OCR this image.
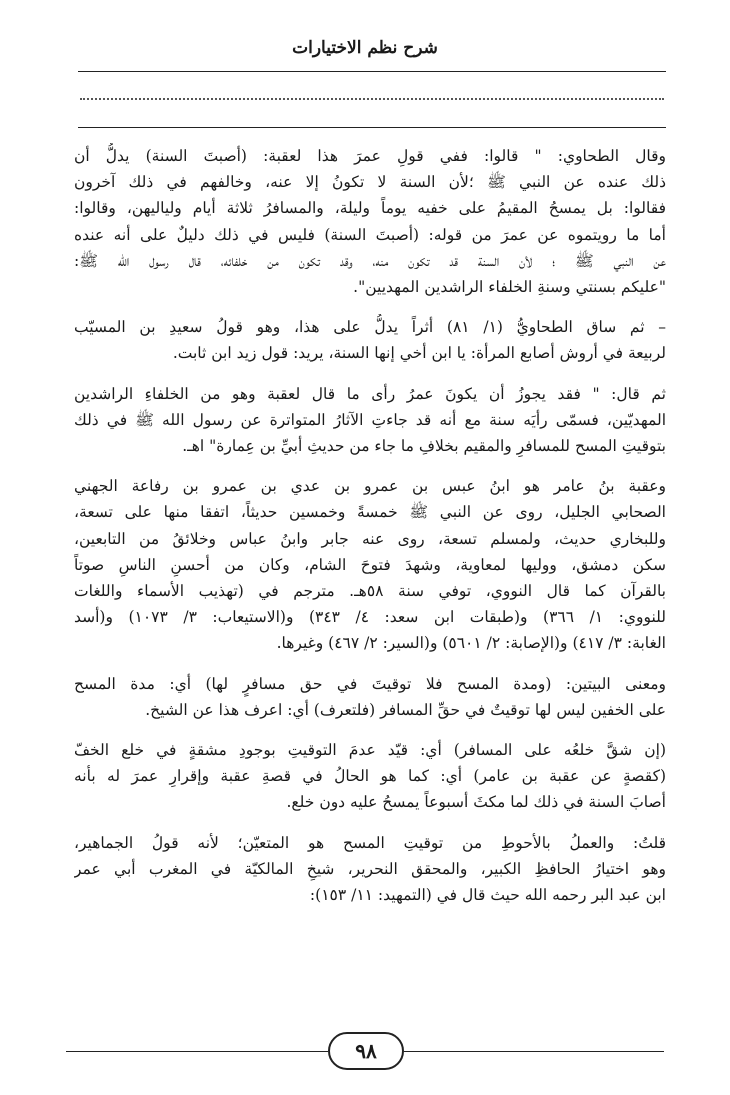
شرح نظم الاختيارات
وقال الطحاوي: " قالوا: ففي قولِ عمرَ هذا لعقبة: (أصبتَ السنة) يدلُّ أن
ذلك عنده عن النبي ﷺ ؛لأن السنة لا تكونُ إلا عنه، وخالفهم في ذلك آخرون
فقالوا: بل يمسحُ المقيمُ على خفيه يوماً وليلة، والمسافرُ ثلاثة أيام ولياليهن، وقالوا:
أما ما رويتموه عن عمرَ من قوله: (أصبتَ السنة) فليس في ذلك دليلٌ على أنه عنده
عن النبي ﷺ ؛ لأن السنة قد تكون منه، وقد تكون من خلفائه، قال رسول الله ﷺ:
"عليكم بسنتي وسنةِ الخلفاء الراشدين المهديين".
– ثم ساق الطحاويُّ (١/ ٨١) أثراً يدلُّ على هذا، وهو قولُ سعيدِ بن المسيّب
لربيعة في أروش أصابع المرأة: يا ابن أخي إنها السنة، يريد: قول زيد ابن ثابت.
ثم قال: " فقد يجوزُ أن يكونَ عمرُ رأى ما قال لعقبة وهو من الخلفاءِ الراشدين
المهديّين، فسمّى رأيَه سنة مع أنه قد جاءتِ الآثارُ المتواترة عن رسول الله ﷺ في ذلك
بتوقيتِ المسح للمسافرِ والمقيم بخلافِ ما جاء من حديثِ أبيِّ بن عِمارة" اهـ.
وعقبة بنُ عامر هو ابنُ عبس بن عمرو بن عدي بن عمرو بن رفاعة الجهني
الصحابي الجليل، روى عن النبي ﷺ خمسةً وخمسين حديثاً، اتفقا منها على تسعة،
وللبخاري حديث، ولمسلم تسعة، روى عنه جابر وابنُ عباس وخلائقُ من التابعين،
سكن دمشق، ووليها لمعاوية، وشهدَ فتوحَ الشام، وكان من أحسنِ الناسِ صوتاً
بالقرآن كما قال النووي، توفي سنة ٥٨هـ. مترجم في (تهذيب الأسماء واللغات
للنووي: ١/ ٣٦٦) و(طبقات ابن سعد: ٤/ ٣٤٣) و(الاستيعاب: ٣/ ١٠٧٣) و(أسد
الغابة: ٣/ ٤١٧) و(الإصابة: ٢/ ٥٦٠١) و(السير: ٢/ ٤٦٧) وغيرها.
ومعنى البيتين: (ومدة المسح فلا توقيتَ في حق مسافرٍ لها) أي: مدة المسح
على الخفين ليس لها توقيتٌ في حقِّ المسافر (فلتعرف) أي: اعرف هذا عن الشيخ.
(إن شقَّ خلعُه على المسافر) أي: قيّد عدمَ التوقيتِ بوجودِ مشقةٍ في خلع الخفّ
(كقصةٍ عن عقبة بن عامر) أي: كما هو الحالُ في قصةِ عقبة وإقرارِ عمرَ له بأنه
أصابَ السنة في ذلك لما مكثَ أسبوعاً يمسحُ عليه دون خلع.
قلتُ: والعملُ بالأحوطِ من توقيتِ المسح هو المتعيّن؛ لأنه قولُ الجماهير،
وهو اختيارُ الحافظِ الكبير، والمحقق النحرير، شيخِ المالكيّة في المغرب أبي عمر
ابن عبد البر رحمه الله حيث قال في (التمهيد: ١١/ ١٥٣):
٩٨
